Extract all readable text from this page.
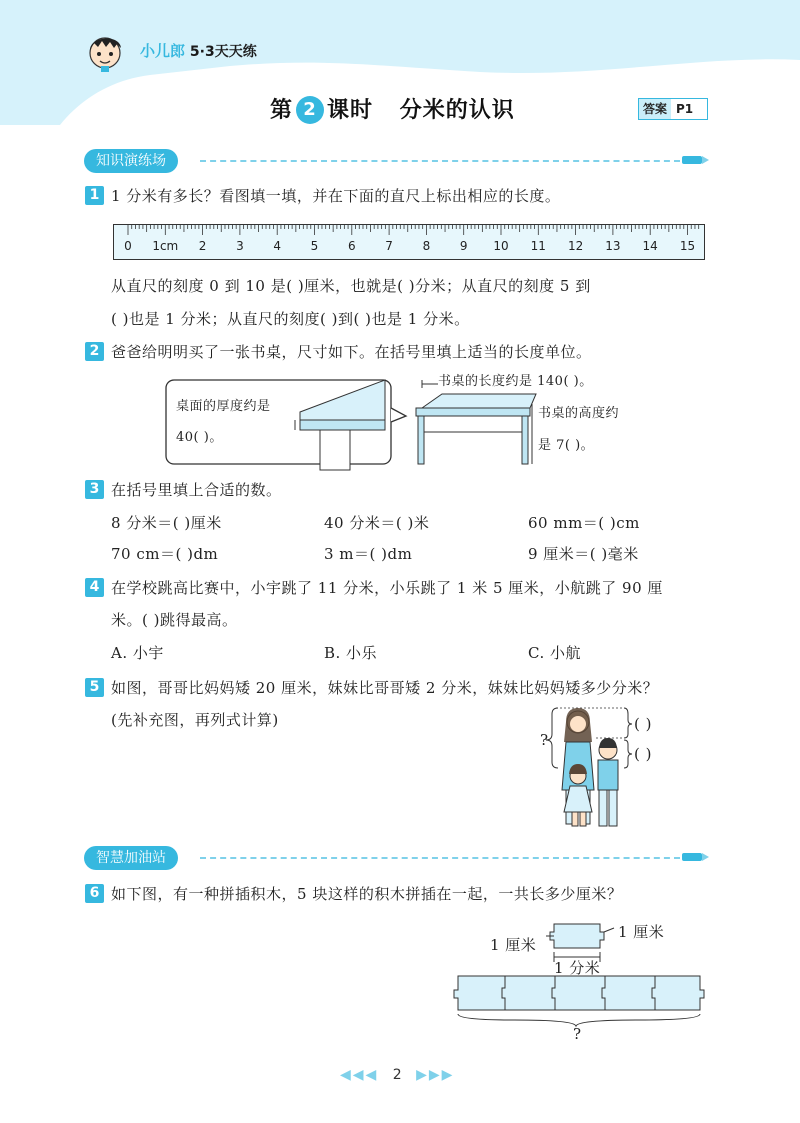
小儿郎 5·3天天练
第 2 课时 分米的认识	答案 P1
知识演练场
1 1 分米有多长？看图填一填，并在下面的直尺上标出相应的长度。
0 1cm 2 3 4 5 6 7 8 9 10 11 12 13 14 15
从直尺的刻度 0 到 10 是( )厘米，也就是( )分米；从直尺的刻度 5 到
( )也是 1 分米；从直尺的刻度( )到( )也是 1 分米。
2 爸爸给明明买了一张书桌，尺寸如下。在括号里填上适当的长度单位。
桌面的厚度约是
40( )。
书桌的长度约是 140( )。
书桌的高度约
是 7( )。
3 在括号里填上合适的数。
8 分米＝( )厘米	40 分米＝( )米	60 mm＝( )cm
70 cm＝( )dm	3 m＝( )dm	9 厘米＝( )毫米
4 在学校跳高比赛中，小宇跳了 11 分米，小乐跳了 1 米 5 厘米，小航跳了 90 厘
米。( )跳得最高。
A. 小宇	B. 小乐	C. 小航
5 如图，哥哥比妈妈矮 20 厘米，妹妹比哥哥矮 2 分米，妹妹比妈妈矮多少分米？
(先补充图，再列式计算)
?
( )
( )
智慧加油站
6 如下图，有一种拼插积木，5 块这样的积木拼插在一起，一共长多少厘米？
1 厘米
1 厘米
1 分米
?
◀◀◀ 2 ▶▶▶
